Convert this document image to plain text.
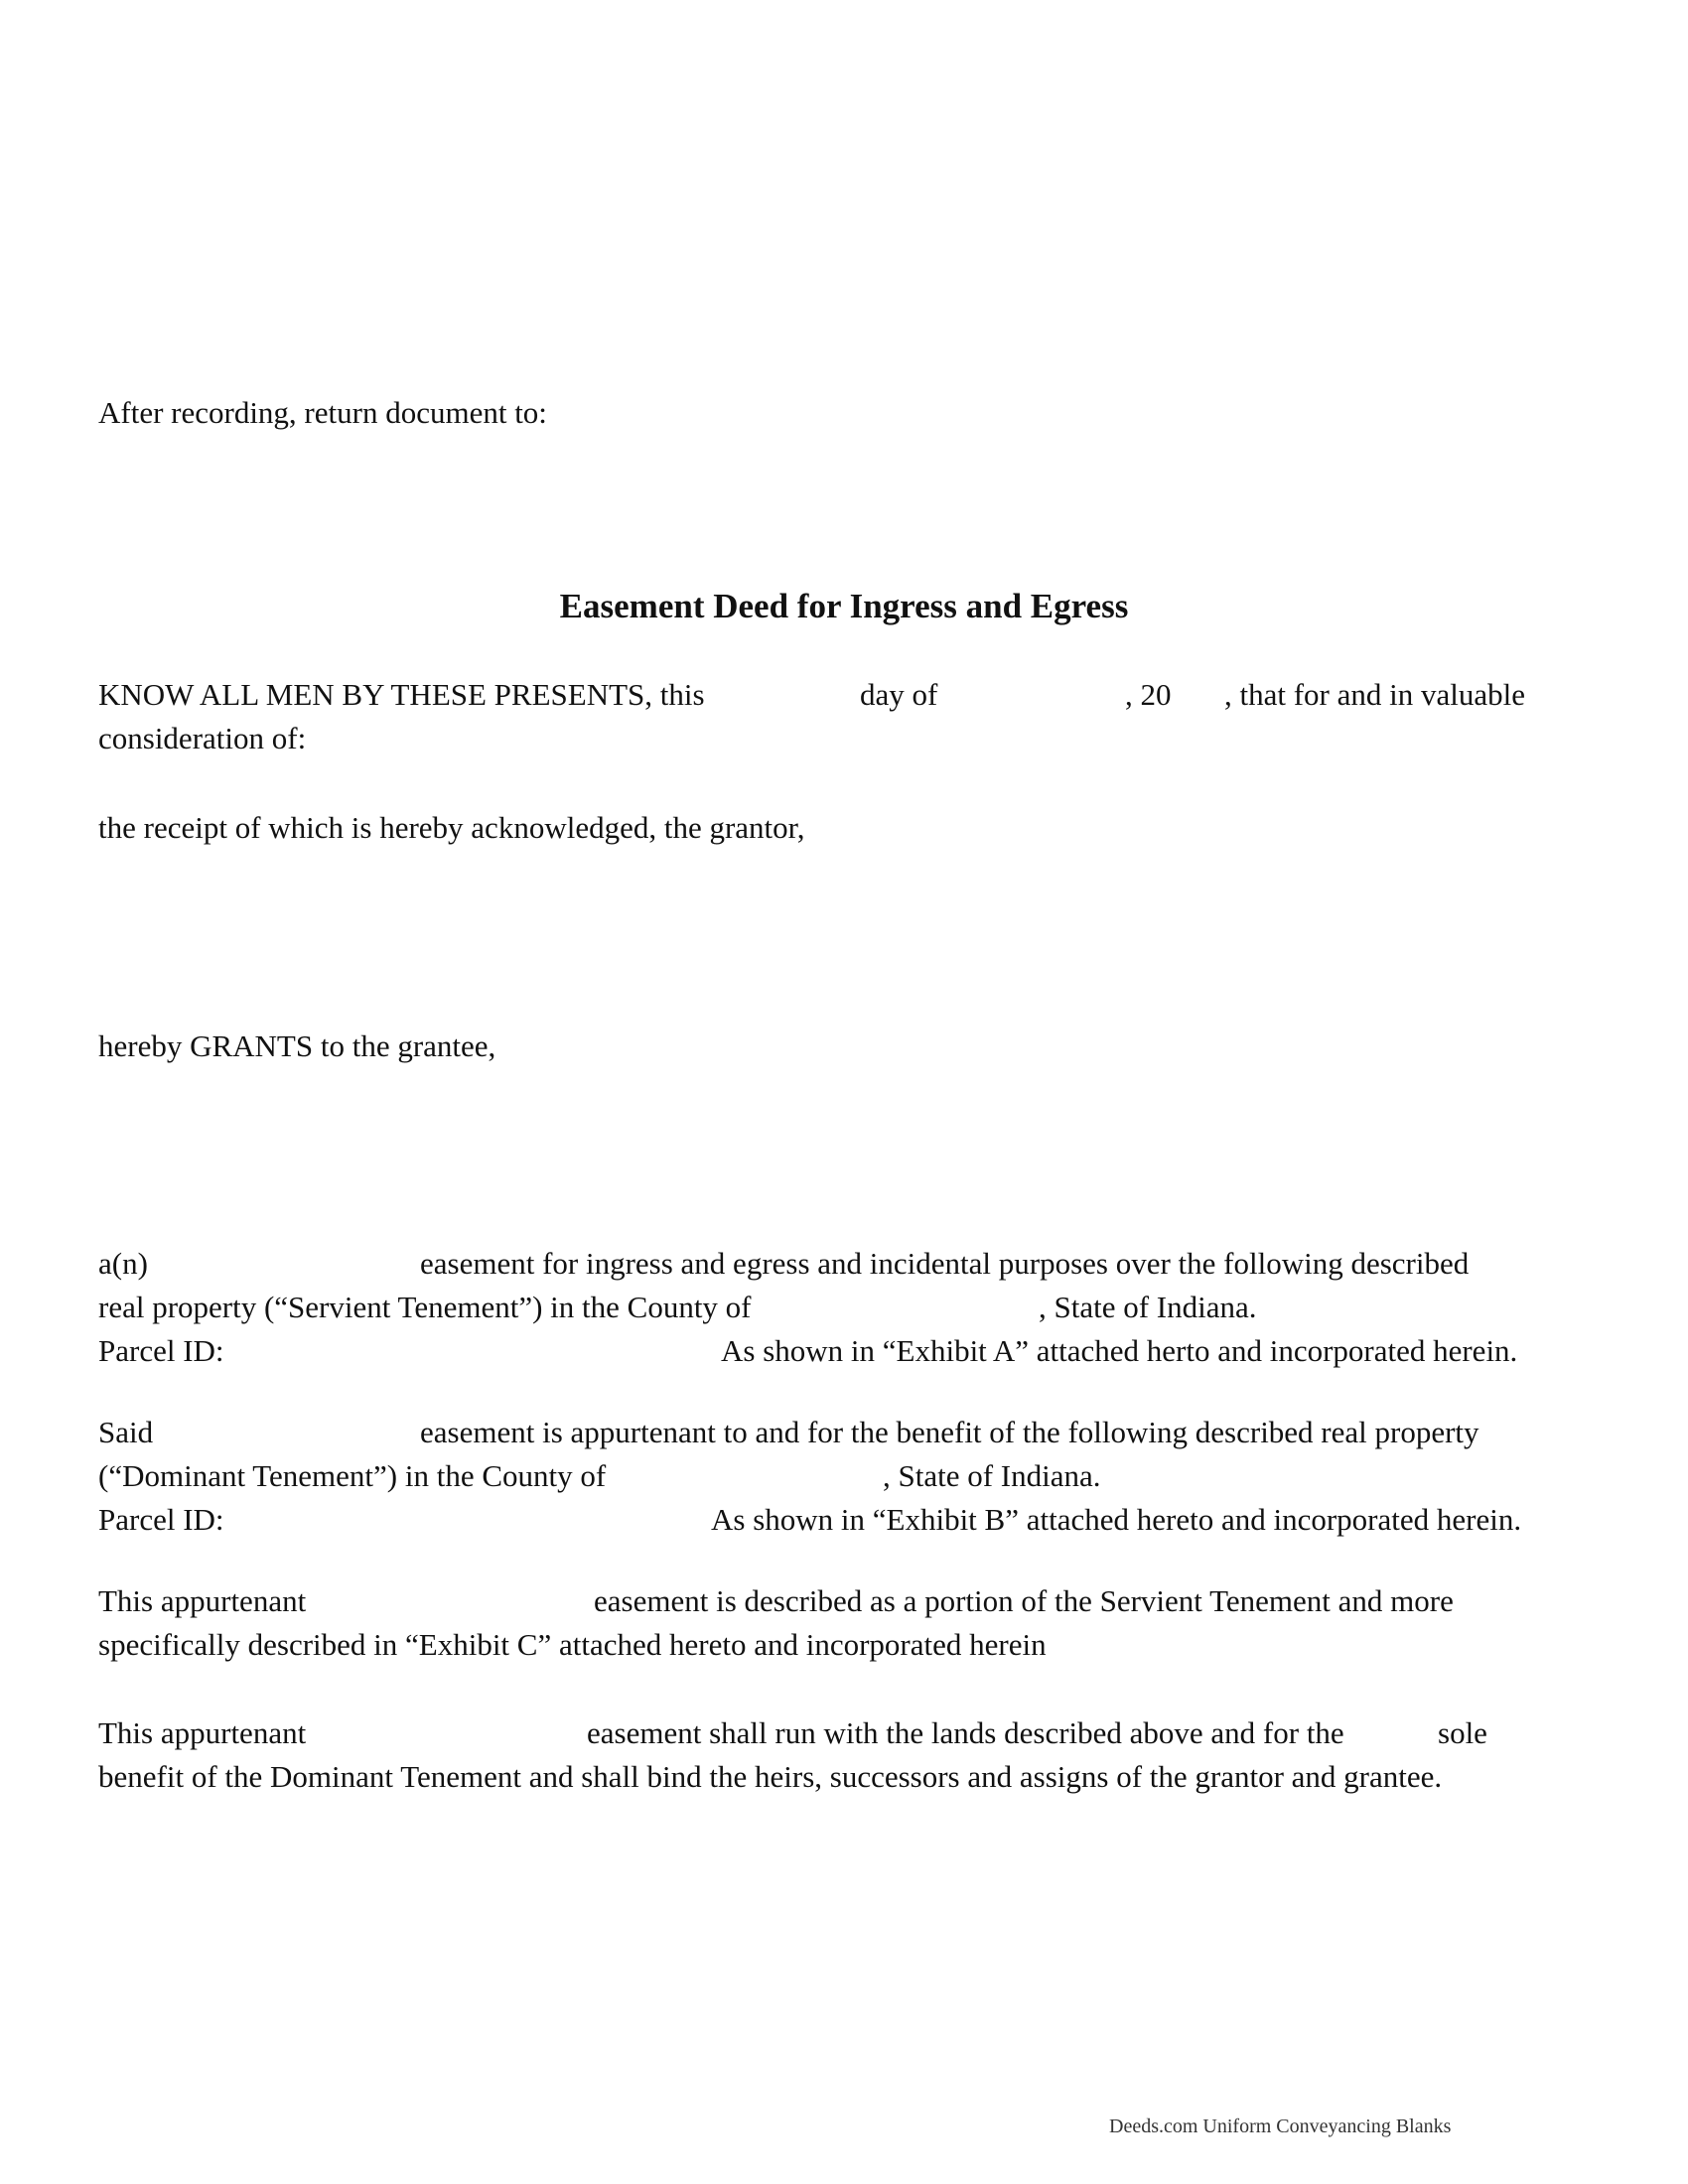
After recording, return document to:

Easement Deed for Ingress and Egress

KNOW ALL MEN BY THESE PRESENTS, this	day of	, 20 , that for and in valuable

consideration of:

the receipt of which is hereby acknowledged, the grantor,

hereby GRANTS to the grantee,

a(n)	easement for ingress and egress and incidental purposes over the following described

real property (“Servient Tenement”) in the County of	, State of Indiana.

Parcel ID:	As shown in “Exhibit A” attached herto and incorporated herein.

Said	easement is appurtenant to and for the benefit of the following described real property

(“Dominant Tenement”) in the County of	, State of Indiana.

Parcel ID:	As shown in “Exhibit B” attached hereto and incorporated herein.

This appurtenant	easement is described as a portion of the Servient Tenement and more

specifically described in “Exhibit C” attached hereto and incorporated herein

This appurtenant	easement shall run with the lands described above and for the	sole

benefit of the Dominant Tenement and shall bind the heirs, successors and assigns of the grantor and grantee.

Deeds.com Uniform Conveyancing Blanks
